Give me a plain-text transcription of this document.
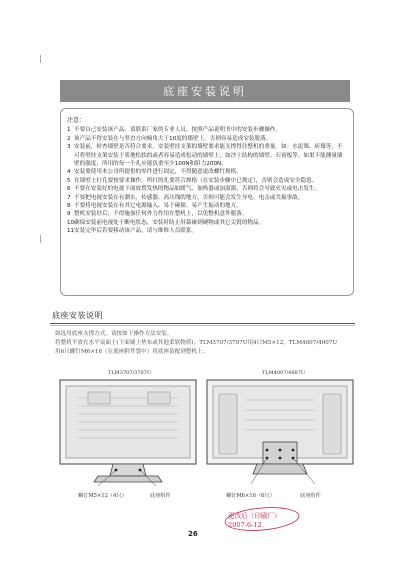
底座安装说明
注意：
1 不要自己安装该产品，请联系厂家的专业人员，按照产品说明书中的安装步骤操作。
2 该产品不得安装在与竖直方向倾角大于10度的墙壁上，否则容易造成安装脱落。
3 安装前，检查墙壁是否符合要求。安装壁挂支架的墙壁要求能支撑得住整机的重量。如：水泥墙、砖墙等。不可将壁挂支架安装于质地松软的或者容易造成松动的墙壁上，如沙土结构的墙壁、石膏板等。如果不能测量墙壁的强度，所用的每一个孔应能负重至少100N和阻力200N。
4 安装要使用本公司所提供的零件进行固定，不得随意更改螺钉规格。
5 在墙壁上打孔要按要求操作，所打的孔要符合规格（在安装步骤中已规定），否则会造成安全隐患。
6 不要在安装好的电视下面放置发热的物品如暖气、加热器或加湿器，否则将会导致火灾或电击发生。
7 不要把电视安装在有潮水、传感器、高压线的地方，否则可能会发生导电、电击或共振事故。
8 不要将电视安装在有其它电源输入、易于碰撞、易产生振动的地方。
9 整机安装好后，不得施加任何外力作用在整机上，以免整机意外脱落。
10 确保安装前电视处于断电状态，安装时防止屏幕碰到硬物或其它尖锐的物品。
11 安装完毕后若要移动该产品，请与维修人员联系。
底座安装说明

如选用底座支撑方式，请按如下操作方法安装。

将整机平放在水平桌面上(下面铺上垫布或其他柔软物质)，TLM3707/3707U用4只M5×12，TLM4007/4007U

用6只螺钉M6×16（在底座附件袋中）将底座装配到整机上。

TLM3707/3707U
螺钉M5×12（4只）	底座组件
TLM4007/4007U
螺钉M6×16（6只）	底座组件
更改后（印刷厂）
2007-6-12
26
